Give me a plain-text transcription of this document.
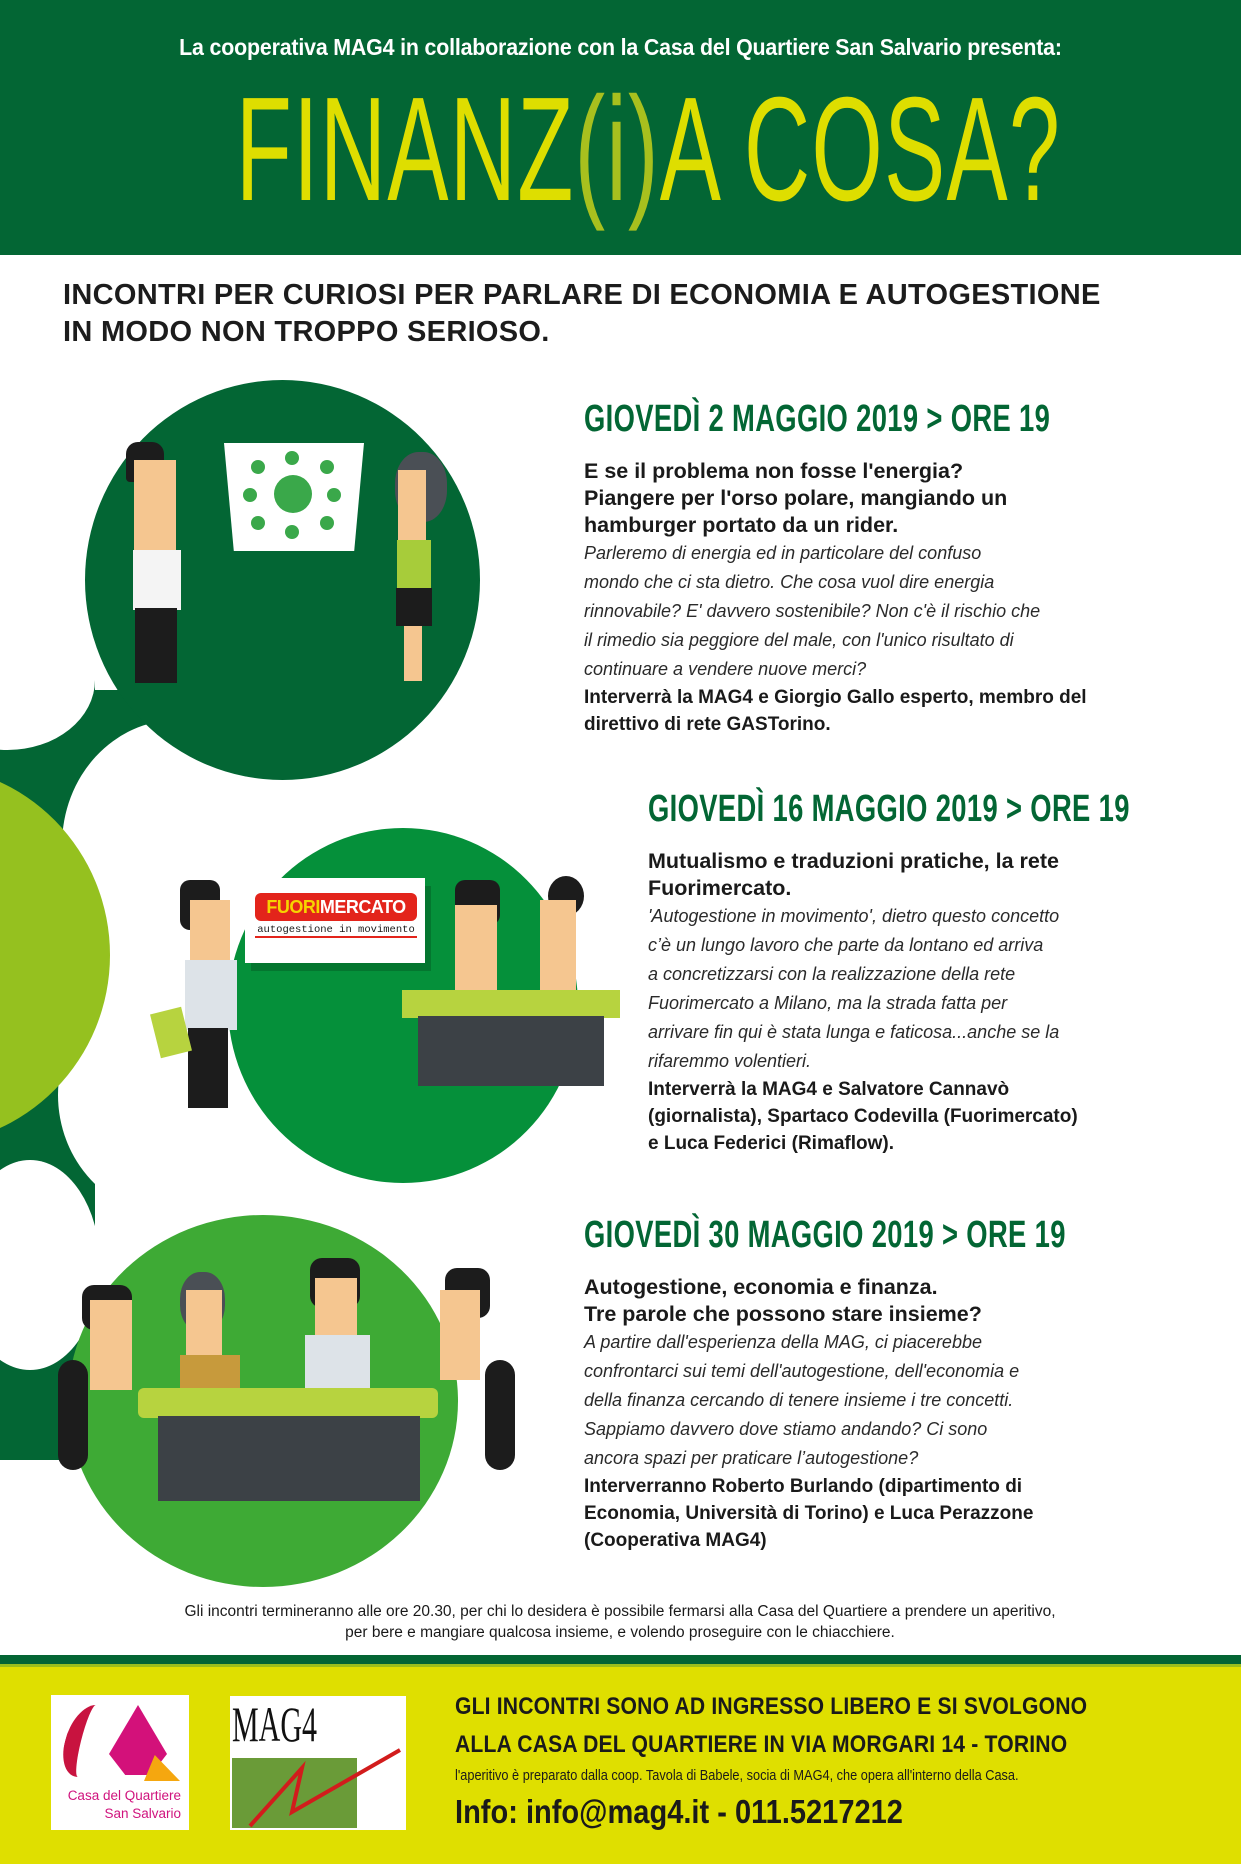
La cooperativa MAG4 in collaborazione con la Casa del Quartiere San Salvario presenta:
FINANZ(i)A COSA?
INCONTRI PER CURIOSI PER PARLARE DI ECONOMIA E AUTOGESTIONE
IN MODO NON TROPPO SERIOSO.
FUORIMERCATO
autogestione in movimento
GIOVEDÌ 2 MAGGIO 2019 > ORE 19

E se il problema non fosse l'energia?

Piangere per l'orso polare, mangiando un

hamburger portato da un rider.

Parleremo di energia ed in particolare del confuso

mondo che ci sta dietro. Che cosa vuol dire energia

rinnovabile? E' davvero sostenibile? Non c'è il rischio che

il rimedio sia peggiore del male, con l'unico risultato di

continuare a vendere nuove merci?

Interverrà la MAG4 e Giorgio Gallo esperto, membro del

direttivo di rete GASTorino.

GIOVEDÌ 16 MAGGIO 2019 > ORE 19

Mutualismo e traduzioni pratiche, la rete

Fuorimercato.

'Autogestione in movimento', dietro questo concetto

c’è un lungo lavoro che parte da lontano ed arriva

a concretizzarsi con la realizzazione della rete

Fuorimercato a Milano, ma la strada fatta per

arrivare fin qui è stata lunga e faticosa...anche se la

rifaremmo volentieri.

Interverrà la MAG4 e Salvatore Cannavò

(giornalista), Spartaco Codevilla (Fuorimercato)

e Luca Federici (Rimaflow).

GIOVEDÌ 30 MAGGIO 2019 > ORE 19

Autogestione, economia e finanza.

Tre parole che possono stare insieme?

A partire dall'esperienza della MAG, ci piacerebbe

confrontarci sui temi dell'autogestione, dell'economia e

della finanza cercando di tenere insieme i tre concetti.

Sappiamo davvero dove stiamo andando? Ci sono

ancora spazi per praticare l’autogestione?

Interverranno Roberto Burlando (dipartimento di

Economia, Università di Torino) e Luca Perazzone

(Cooperativa MAG4)

Gli incontri termineranno alle ore 20.30, per chi lo desidera è possibile fermarsi alla Casa del Quartiere a prendere un aperitivo,
per bere e mangiare qualcosa insieme, e volendo proseguire con le chiacchiere.
Casa del Quartiere
San Salvario
MAG4	GLI INCONTRI SONO AD INGRESSO LIBERO E SI SVOLGONO
ALLA CASA DEL QUARTIERE IN VIA MORGARI 14 - TORINO
l'aperitivo è preparato dalla coop. Tavola di Babele, socia di MAG4, che opera all'interno della Casa.
Info: info@mag4.it - 011.5217212
